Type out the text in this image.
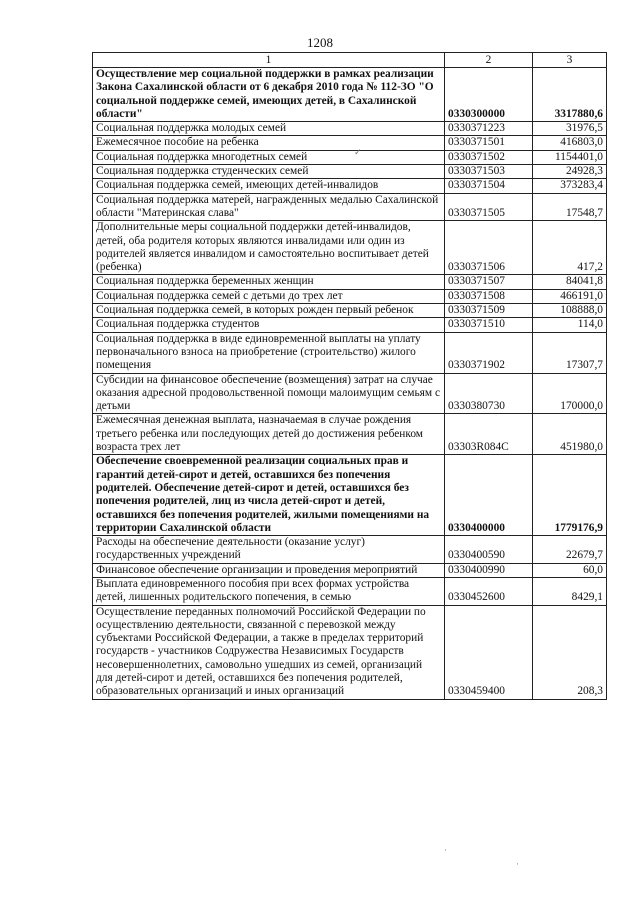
1208
1	2	3
Осуществление мер социальной поддержки в рамках реализации Закона Сахалинской области от 6 декабря 2010 года № 112-ЗО "О социальной поддержке семей, имеющих детей, в Сахалинской области"	0330300000	3317880,6
Социальная поддержка молодых семей	0330371223	31976,5
Ежемесячное пособие на ребенка	0330371501	416803,0
Социальная поддержка многодетных семей	0330371502	1154401,0
Социальная поддержка студенческих семей	0330371503	24928,3
Социальная поддержка семей, имеющих детей-инвалидов	0330371504	373283,4
Социальная поддержка матерей, награжденных медалью Сахалинской области "Материнская слава"	0330371505	17548,7
Дополнительные меры социальной поддержки детей-инвалидов, детей, оба родителя которых являются инвалидами или один из родителей является инвалидом и самостоятельно воспитывает детей (ребенка)	0330371506	417,2
Социальная поддержка беременных женщин	0330371507	84041,8
Социальная поддержка семей с детьми до трех лет	0330371508	466191,0
Социальная поддержка семей, в которых рожден первый ребенок	0330371509	108888,0
Социальная поддержка студентов	0330371510	114,0
Социальная поддержка в виде единовременной выплаты на уплату первоначального взноса на приобретение (строительство) жилого помещения	0330371902	17307,7
Субсидии на финансовое обеспечение (возмещения) затрат на случае оказания адресной продовольственной помощи малоимущим семьям с детьми	0330380730	170000,0
Ежемесячная денежная выплата, назначаемая в случае рождения третьего ребенка или последующих детей до достижения ребенком возраста трех лет	03303R084С	451980,0
Обеспечение своевременной реализации социальных прав и гарантий детей-сирот и детей, оставшихся без попечения родителей. Обеспечение детей-сирот и детей, оставшихся без попечения родителей, лиц из числа детей-сирот и детей, оставшихся без попечения родителей, жилыми помещениями на территории Сахалинской области	0330400000	1779176,9
Расходы на обеспечение деятельности (оказание услуг) государственных учреждений	0330400590	22679,7
Финансовое обеспечение организации и проведения мероприятий	0330400990	60,0
Выплата единовременного пособия при всех формах устройства детей, лишенных родительского попечения, в семью	0330452600	8429,1
Осуществление переданных полномочий Российской Федерации по осуществлению деятельности, связанной с перевозкой между субъектами Российской Федерации, а также в пределах территорий государств - участников Содружества Независимых Государств несовершеннолетних, самовольно ушедших из семей, организаций для детей-сирот и детей, оставшихся без попечения родителей, образовательных организаций и иных организаций	0330459400	208,3
✓
·
·
